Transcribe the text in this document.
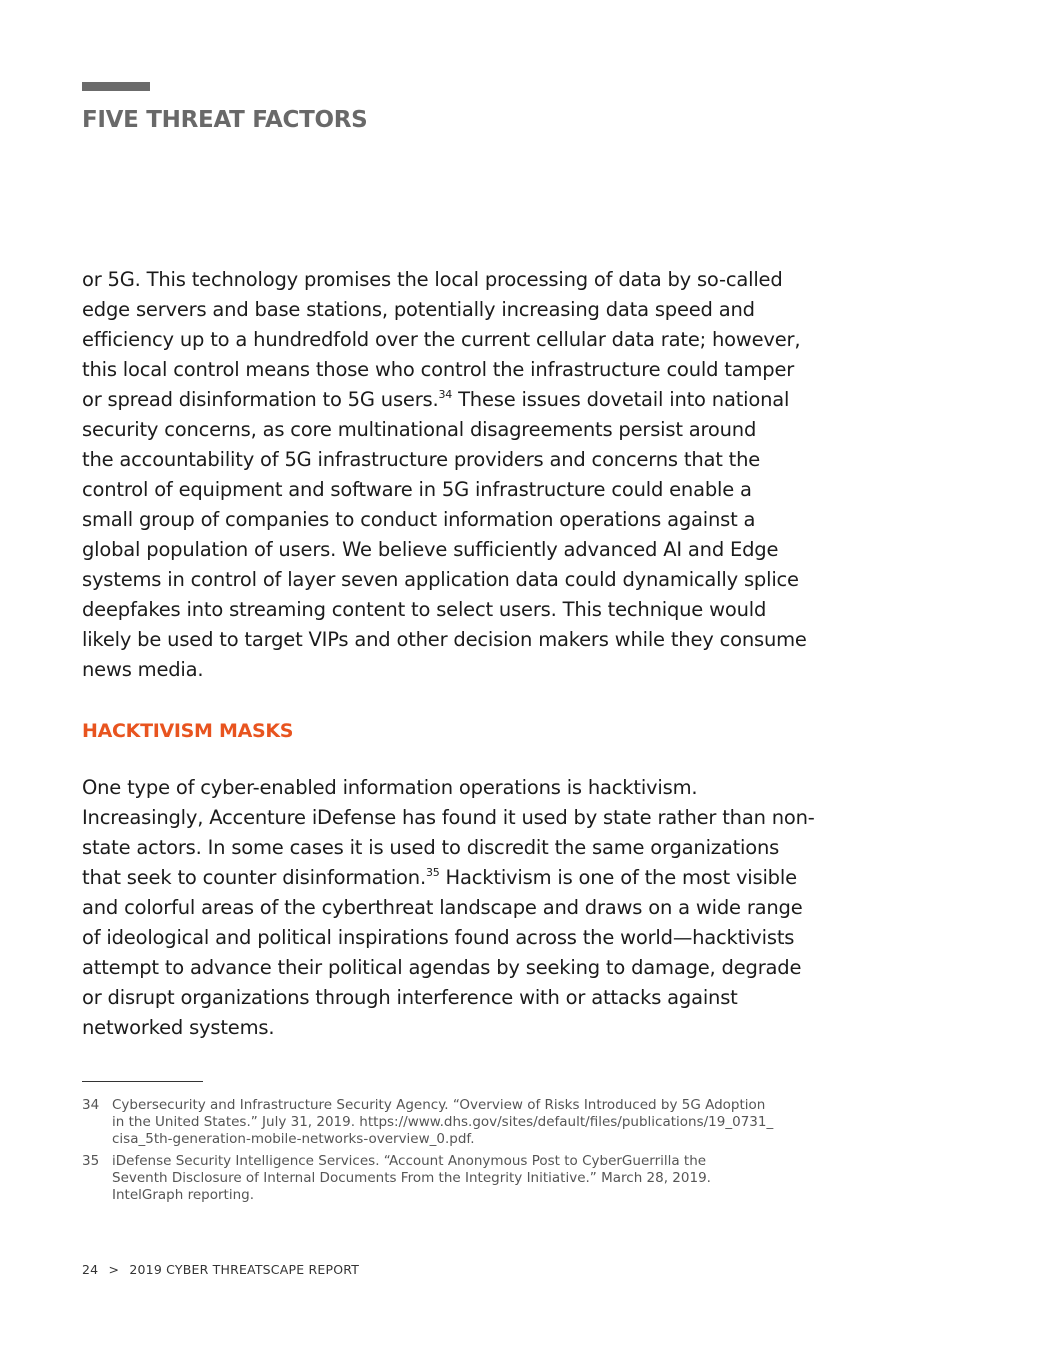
FIVE THREAT FACTORS

or 5G. This technology promises the local processing of data by so-called
edge servers and base stations, potentially increasing data speed and
efficiency up to a hundredfold over the current cellular data rate; however,
this local control means those who control the infrastructure could tamper
or spread disinformation to 5G users.$^{34}$ These issues dovetail into national
security concerns, as core multinational disagreements persist around
the accountability of 5G infrastructure providers and concerns that the
control of equipment and software in 5G infrastructure could enable a
small group of companies to conduct information operations against a
global population of users. We believe sufficiently advanced AI and Edge
systems in control of layer seven application data could dynamically splice
deepfakes into streaming content to select users. This technique would
likely be used to target VIPs and other decision makers while they consume
news media.

HACKTIVISM MASKS

One type of cyber-enabled information operations is hacktivism.
Increasingly, Accenture iDefense has found it used by state rather than non-
state actors. In some cases it is used to discredit the same organizations
that seek to counter disinformation.$^{35}$ Hacktivism is one of the most visible
and colorful areas of the cyberthreat landscape and draws on a wide range
of ideological and political inspirations found across the world—hacktivists
attempt to advance their political agendas by seeking to damage, degrade
or disrupt organizations through interference with or attacks against
networked systems.

34 Cybersecurity and Infrastructure Security Agency. “Overview of Risks Introduced by 5G Adoption
in the United States.” July 31, 2019. https://www.dhs.gov/sites/default/files/publications/19_0731_
cisa_5th-generation-mobile-networks-overview_0.pdf.
35 iDefense Security Intelligence Services. “Account Anonymous Post to CyberGuerrilla the
Seventh Disclosure of Internal Documents From the Integrity Initiative.” March 28, 2019.
IntelGraph reporting.
24 > 2019 CYBER THREATSCAPE REPORT
